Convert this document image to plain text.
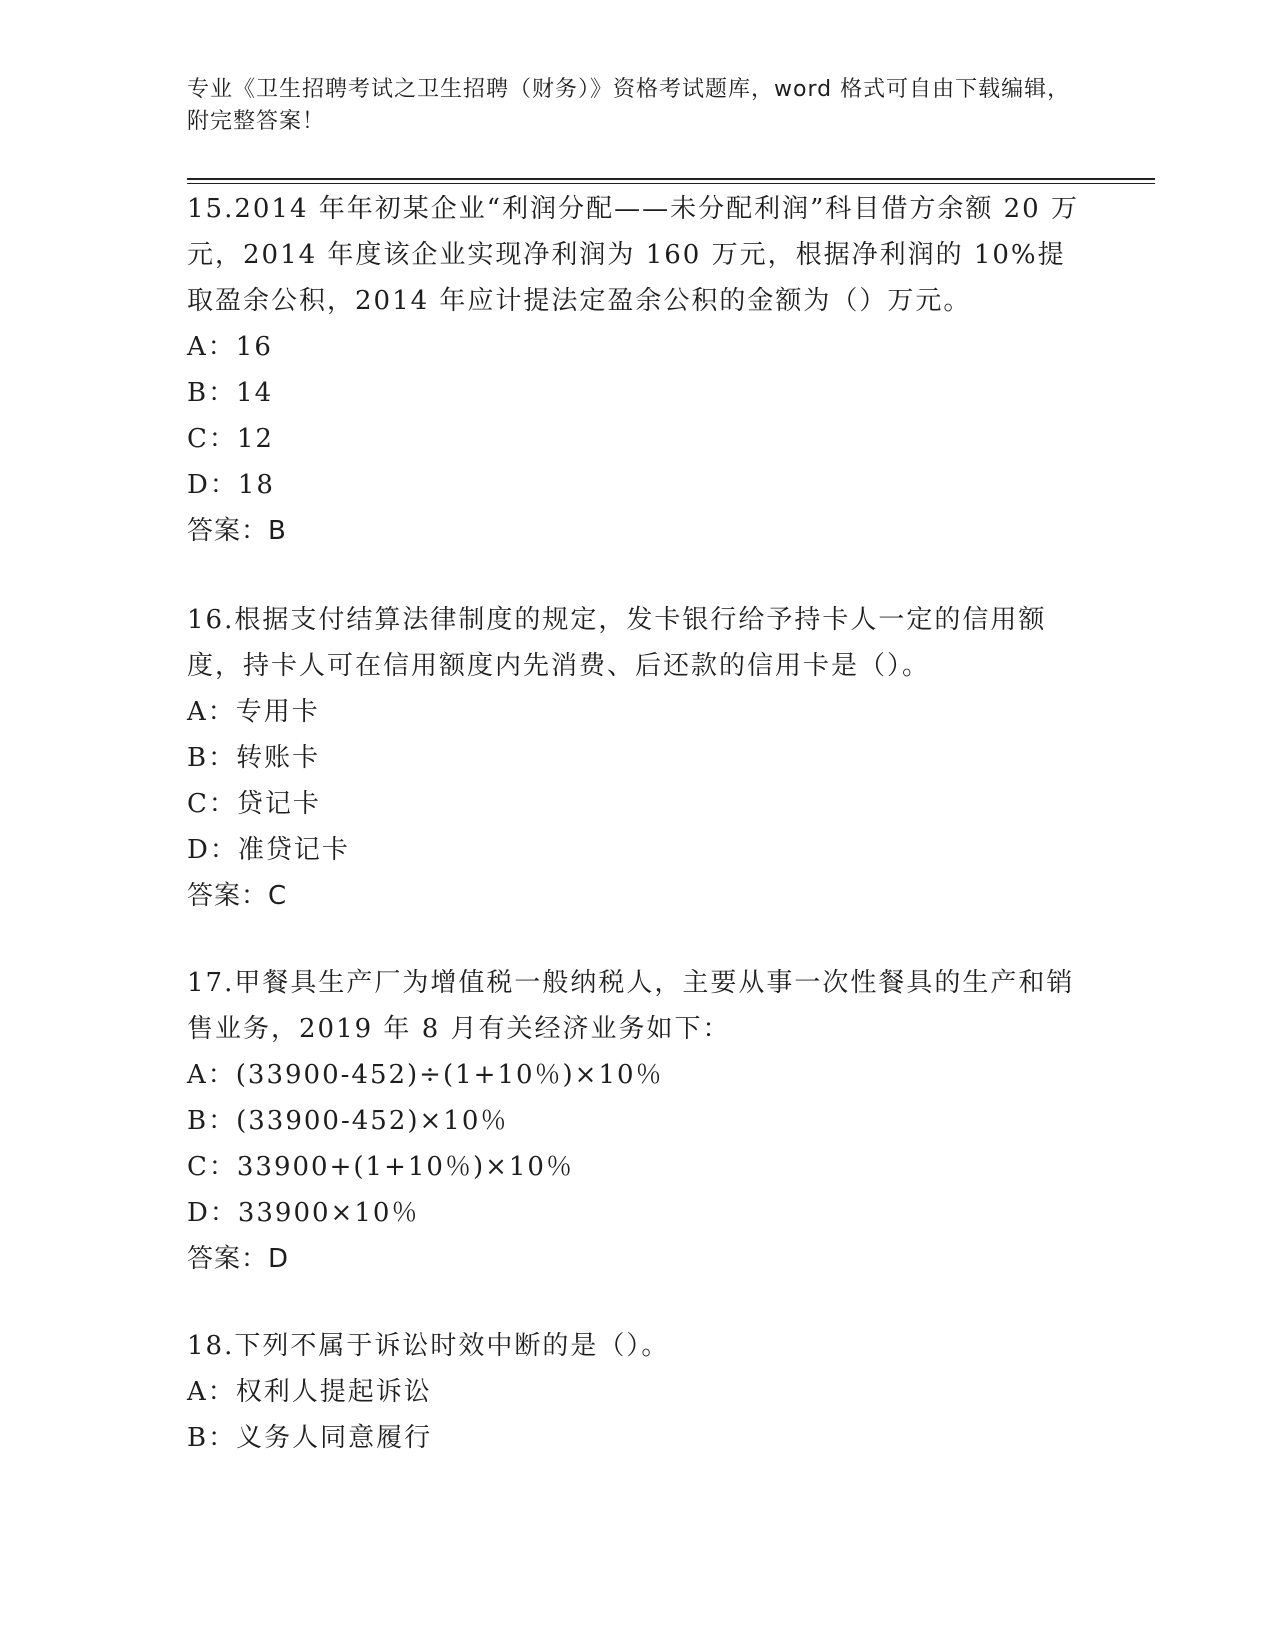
专业《卫生招聘考试之卫生招聘（财务）》资格考试题库，word 格式可自由下载编辑，附完整答案！

15.2014 年年初某企业“利润分配——未分配利润”科目借方余额 20 万元，2014 年度该企业实现净利润为 160 万元，根据净利润的 10%提取盈余公积，2014 年应计提法定盈余公积的金额为（）万元。

A：16

B：14

C：12

D：18

答案：B

16.根据支付结算法律制度的规定，发卡银行给予持卡人一定的信用额度，持卡人可在信用额度内先消费、后还款的信用卡是（）。

A：专用卡

B：转账卡

C：贷记卡

D：准贷记卡

答案：C

17.甲餐具生产厂为增值税一般纳税人，主要从事一次性餐具的生产和销售业务，2019 年 8 月有关经济业务如下：

A：(33900-452)÷(1+10％)×10％

B：(33900-452)×10％

C：33900+(1+10％)×10％

D：33900×10％

答案：D

18.下列不属于诉讼时效中断的是（）。

A：权利人提起诉讼

B：义务人同意履行
